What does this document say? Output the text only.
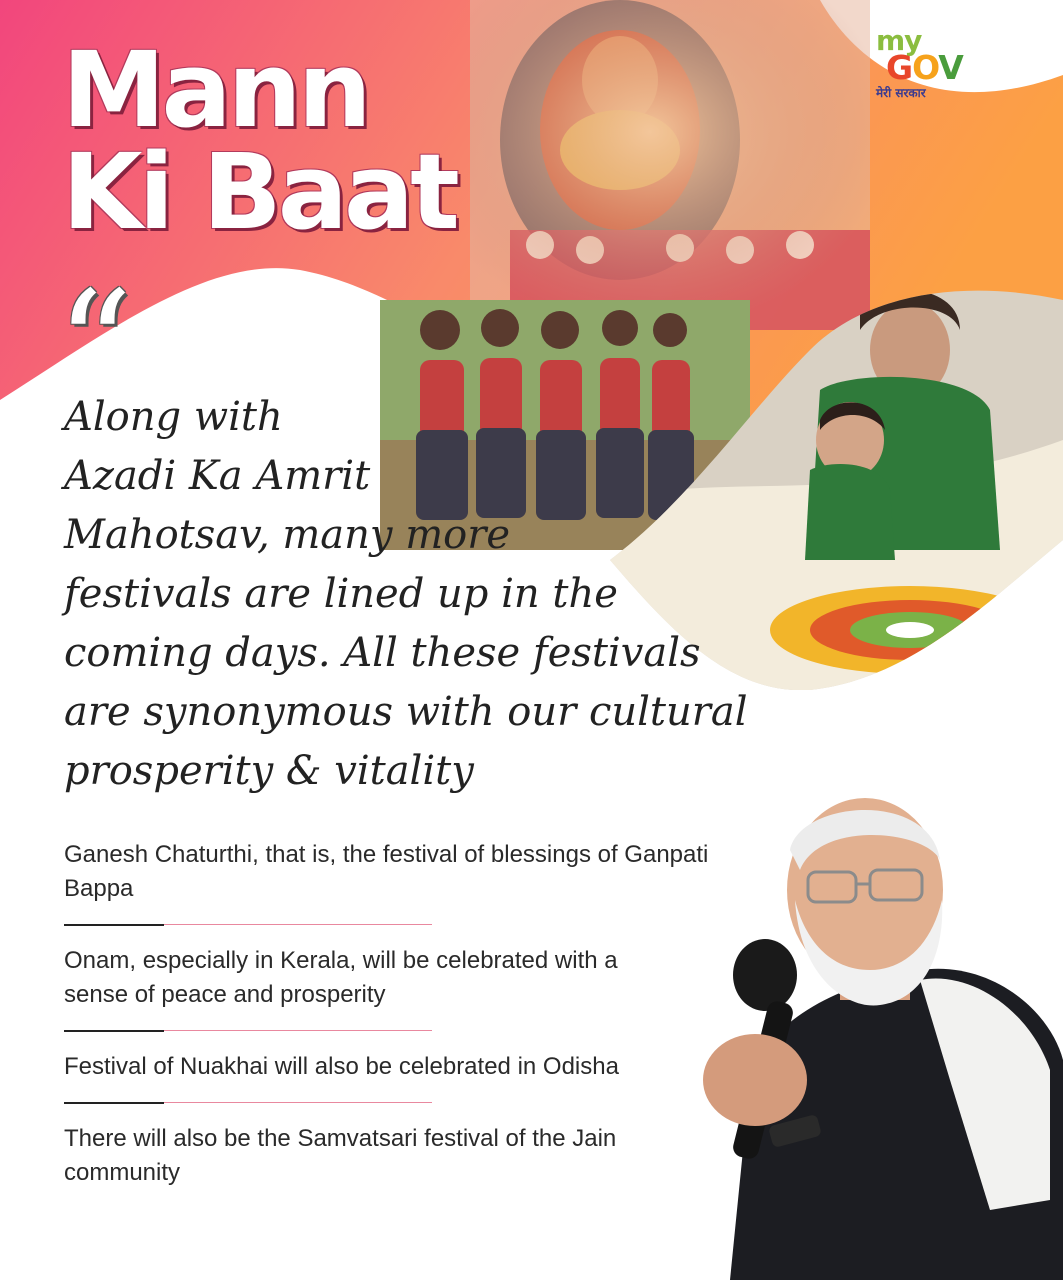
Mann
Ki Baat
my
GOV
मेरी सरकार
“

Along with
Azadi Ka Amrit
Mahotsav, many more
festivals are lined up in the
coming days. All these festivals
are synonymous with our cultural
prosperity & vitality

Ganesh Chaturthi, that is, the festival of blessings of Ganpati Bappa
Onam, especially in Kerala, will be celebrated with a sense of peace and prosperity
Festival of Nuakhai will also be celebrated in Odisha
There will also be the Samvatsari festival of the Jain community
